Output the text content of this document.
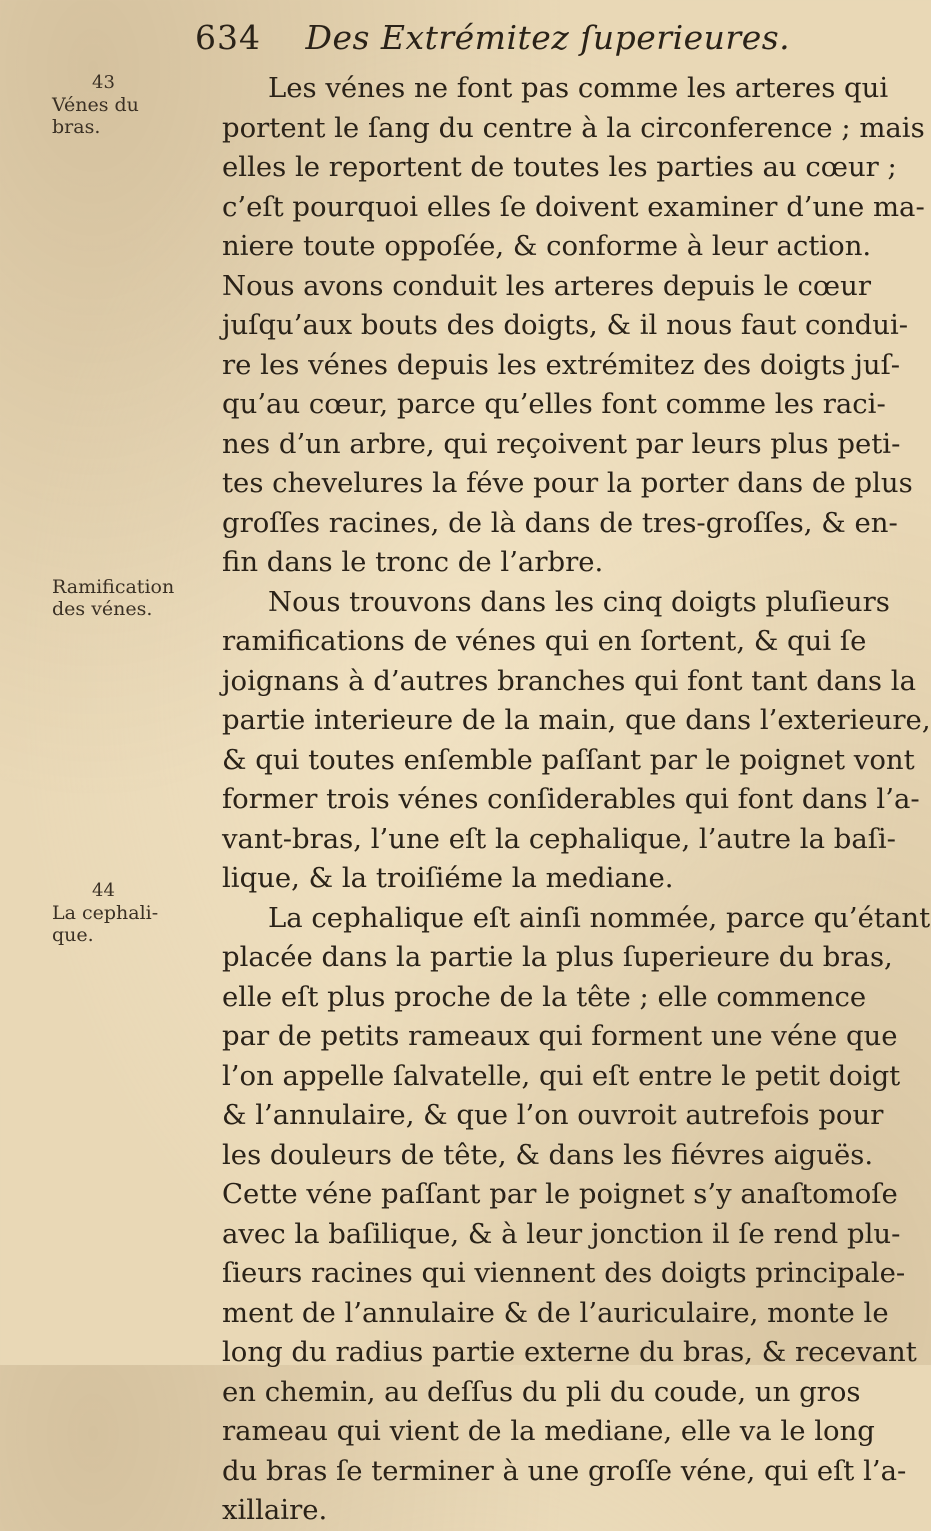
634 Des Extrémitez ſuperieures.
43
Vénes du
bras.
Ramification
des vénes.
44
La cephali-
que.
Les vénes ne font pas comme les arteres qui
portent le ſang du centre à la circonference ; mais
elles le reportent de toutes les parties au cœur ;
c’eſt pourquoi elles ſe doivent examiner d’une ma-
niere toute oppoſée, & conforme à leur action.
Nous avons conduit les arteres depuis le cœur
juſqu’aux bouts des doigts, & il nous faut condui-
re les vénes depuis les extrémitez des doigts juſ-
qu’au cœur, parce qu’elles font comme les raci-
nes d’un arbre, qui reçoivent par leurs plus peti-
tes chevelures la féve pour la porter dans de plus
groſſes racines, de là dans de tres-groſſes, & en-
fin dans le tronc de l’arbre.
Nous trouvons dans les cinq doigts pluſieurs
ramifications de vénes qui en ſortent, & qui ſe
joignans à d’autres branches qui font tant dans la
partie interieure de la main, que dans l’exterieure,
& qui toutes enſemble paſſant par le poignet vont
former trois vénes conſiderables qui font dans l’a-
vant-bras, l’une eſt la cephalique, l’autre la baſi-
lique, & la troiſiéme la mediane.
La cephalique eſt ainſi nommée, parce qu’étant
placée dans la partie la plus ſuperieure du bras,
elle eſt plus proche de la tête ; elle commence
par de petits rameaux qui forment une véne que
l’on appelle ſalvatelle, qui eſt entre le petit doigt
& l’annulaire, & que l’on ouvroit autrefois pour
les douleurs de tête, & dans les fiévres aiguës.
Cette véne paſſant par le poignet s’y anaſtomoſe
avec la baſilique, & à leur jonction il ſe rend plu-
ſieurs racines qui viennent des doigts principale-
ment de l’annulaire & de l’auriculaire, monte le
long du radius partie externe du bras, & recevant
en chemin, au deſſus du pli du coude, un gros
rameau qui vient de la mediane, elle va le long
du bras ſe terminer à une groſſe véne, qui eſt l’a-
xillaire.
